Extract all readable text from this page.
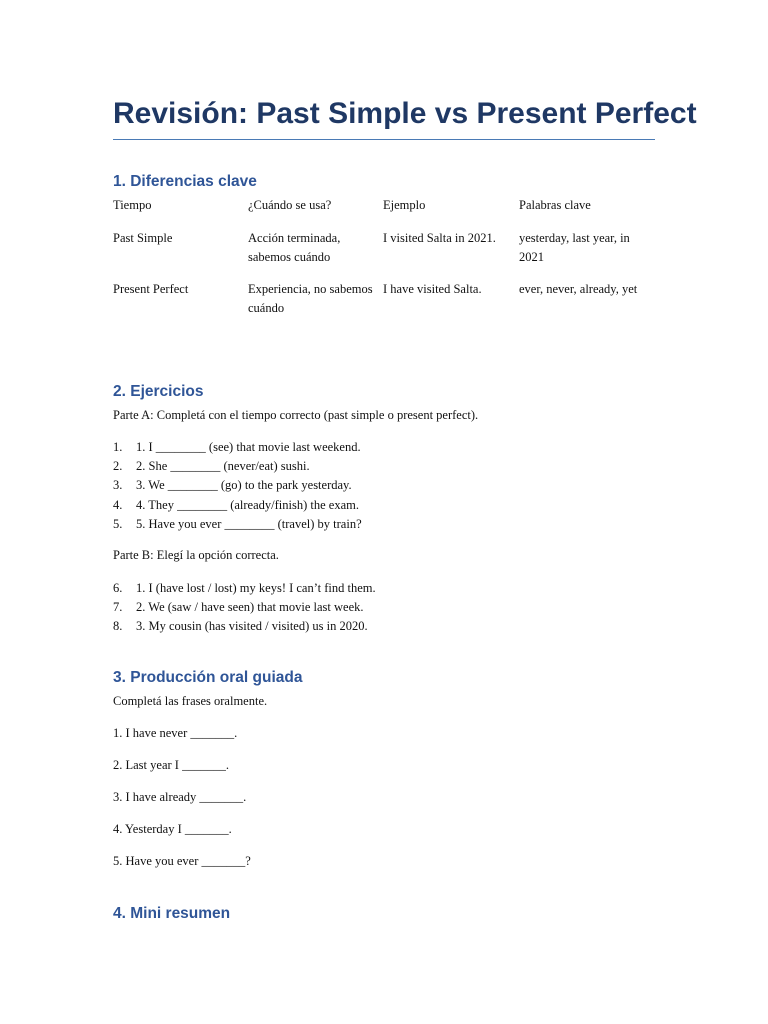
Revisión: Past Simple vs Present Perfect
1. Diferencias clave
Tiempo	¿Cuándo se usa?	Ejemplo	Palabras clave
Past Simple	Acción terminada, sabemos cuándo	I visited Salta in 2021.	yesterday, last year, in 2021
Present Perfect	Experiencia, no sabemos cuándo	I have visited Salta.	ever, never, already, yet
2. Ejercicios

Parte A: Completá con el tiempo correcto (past simple o present perfect).

1.	1. I ________ (see) that movie last weekend.
2.	2. She ________ (never/eat) sushi.
3.	3. We ________ (go) to the park yesterday.
4.	4. They ________ (already/finish) the exam.
5.	5. Have you ever ________ (travel) by train?

Parte B: Elegí la opción correcta.

6.	1. I (have lost / lost) my keys! I can’t find them.
7.	2. We (saw / have seen) that movie last week.
8.	3. My cousin (has visited / visited) us in 2020.
3. Producción oral guiada

Completá las frases oralmente.

1. I have never _______.

2. Last year I _______.

3. I have already _______.

4. Yesterday I _______.

5. Have you ever _______?

4. Mini resumen
